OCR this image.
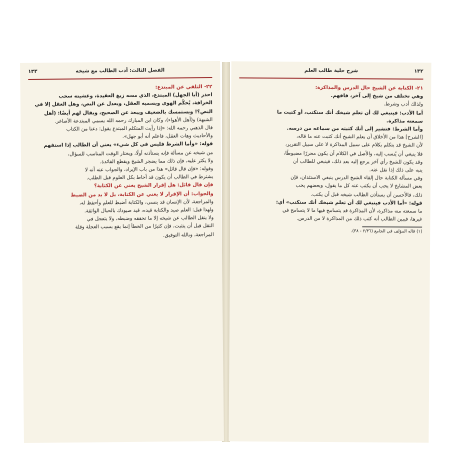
الفصل الثالث: أدب الطالب مع شيخه
١٣٣
٢٢- التلقي عن المبتدع:
احذر (أبا الجهل) المبتدع، الذي مسه زيغ العقيدة، وغشيته سحب
الخرافة، يُحكّم الهوى ويسميه العقل، ويعدل عن النص، وهل العقل إلا في
النص؟! ويستمسك بالضعيف ويبعد عن الصحيح، ويقال لهم أيضًا: (أهل
الشبهة) و(أهل الأهواء)، وكان ابن المبارك رحمه الله يسمي المبتدعة الأصاغر.
قال الذهبي رحمه الله: «إذا رأيت المتكلم المبتدع يقول: دعنا من الكتاب
والأحاديث وهات العقل، فاعلم أنه أبو جهل».
قوله: «وأما الشرط فليس في كل شيء» يعني أن الطالب إذا استفهم
من شيخه عن مسألة فإنه يستأذنه أولًا، ويختار الوقت المناسب للسؤال،
ولا يكثر عليه، فإن ذلك مما يضجر الشيخ ويقطع الفائدة.
وقوله: «فإن قال قائل» هذا من باب الإيراد، والجواب عنه أنه لا
يشترط في الطالب أن يكون قد أحاط بكل العلوم قبل الطلب.
فإن قال قائل: هل إقرار الشيخ يغني عن الكتابة؟
والجواب: أن الإقرار لا يغني عن الكتابة، بل لا بد من الضبط
والمراجعة، لأن الإنسان قد ينسى، والكتابة أضبط للعلم وأحفظ له،
ولهذا قيل: العلم صيد والكتابة قيده، قيد صيودك بالحبال الواثقة.
ولا ينقل الطالب عن شيخه إلا ما تحققه وضبطه، ولا يتعجل في
النقل قبل أن يتثبت، فإن كثيرًا من الخطأ إنما يقع بسبب العجلة وقلة
المراجعة، وبالله التوفيق.
شرح حلية طالب العلم	١٣٢
٢١- الكتابة عن الشيخ حال الدرس والمذاكرة:
وهي تختلف من شيخ إلى آخر، فافهم.
ولذلك أدب وشرط.
أما الأدب: فينبغي لك أن تعلم شيخك أنك ستكتب، أو كتبت ما
سمعته مذاكرة.
وأما الشرط: فتشير إلى أنك كتبته من سماعه من درسه.
[الشرح] هذا من الأخلاق أن يعلم الشيخ أنك كتبت عنه ما قاله،
لأن الشيخ قد يتكلم بكلام على سبيل المذاكرة لا على سبيل التقرير،
فلا ينبغي أن يُنسب إليه، والأصل في الكلام أن يكون محررًا مضبوطًا،
وقد يكون للشيخ رأي آخر يرجع إليه بعد ذلك، فينبغي للطالب أن
ينبه على ذلك إذا نقل عنه.
وفي مسألة الكتابة حال إلقاء الشيخ الدرس ينبغي الاستئذان، فإن
بعض المشايخ لا يحب أن يكتب عنه كل ما يقول، وبعضهم يحب
ذلك، فالأحسن أن يستأذن الطالب شيخه قبل أن يكتب.
قوله: «أما الأدب فينبغي لك أن تعلم شيخك أنك ستكتب» أي:
ما سمعته منه مذاكرة، لأن المذاكرة قد يتسامح فيها ما لا يتسامح في
غيرها، فيبين الطالب أنه كتب ذلك من المذاكرة لا من الدرس.
(١) قاله المؤلف في الجامع (٢/٣٦ - ٣٨).
